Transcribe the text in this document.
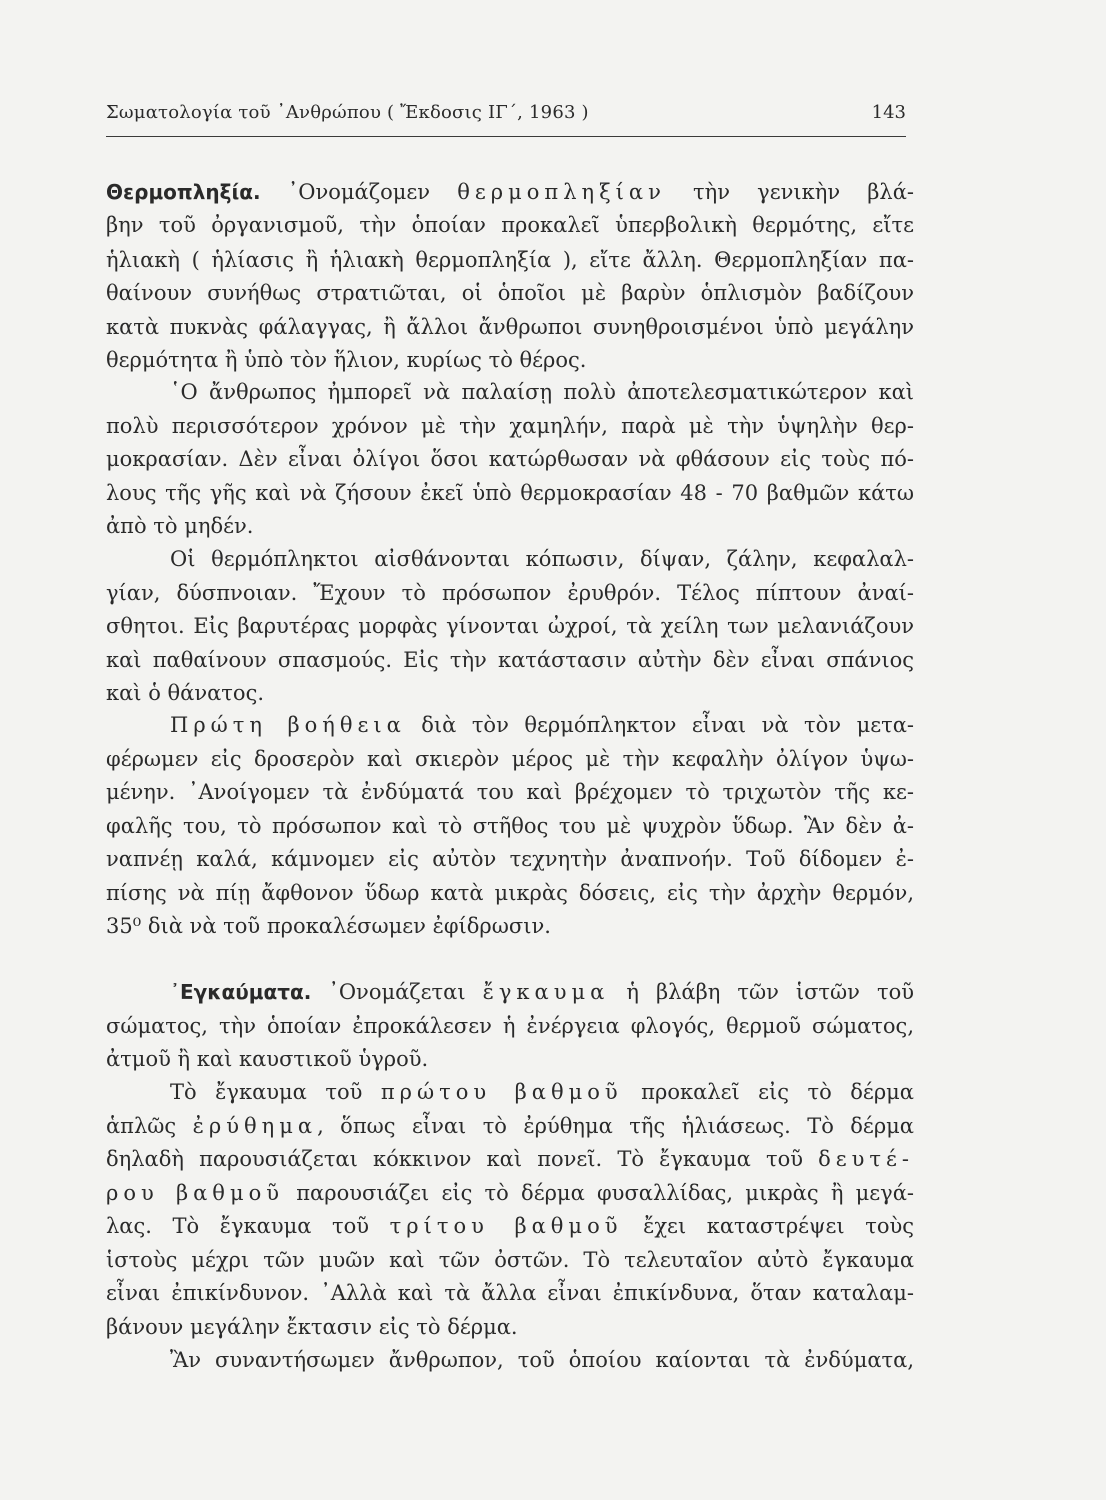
Σωματολογία τοῦ ᾿Ανθρώπου ( Ἔκδοσις ΙΓ΄, 1963 )	143
Θερμοπληξία. ᾿Ονομάζομεν θερμοπληξίαν τὴν γενικὴν βλά-
βην τοῦ ὀργανισμοῦ, τὴν ὁποίαν προκαλεῖ ὑπερβολικὴ θερμότης, εἴτε
ἡλιακὴ ( ἡλίασις ἢ ἡλιακὴ θερμοπληξία ), εἴτε ἄλλη. Θερμοπληξίαν πα-
θαίνουν συνήθως στρατιῶται, οἱ ὁποῖοι μὲ βαρὺν ὁπλισμὸν βαδίζουν
κατὰ πυκνὰς φάλαγγας, ἢ ἄλλοι ἄνθρωποι συνηθροισμένοι ὑπὸ μεγάλην
θερμότητα ἢ ὑπὸ τὸν ἥλιον, κυρίως τὸ θέρος.
῾Ο ἄνθρωπος ἠμπορεῖ νὰ παλαίσῃ πολὺ ἀποτελεσματικώτερον καὶ
πολὺ περισσότερον χρόνον μὲ τὴν χαμηλήν, παρὰ μὲ τὴν ὑψηλὴν θερ-
μοκρασίαν. Δὲν εἶναι ὀλίγοι ὅσοι κατώρθωσαν νὰ φθάσουν εἰς τοὺς πό-
λους τῆς γῆς καὶ νὰ ζήσουν ἐκεῖ ὑπὸ θερμοκρασίαν 48 - 70 βαθμῶν κάτω
ἀπὸ τὸ μηδέν.
Οἱ θερμόπληκτοι αἰσθάνονται κόπωσιν, δίψαν, ζάλην, κεφαλαλ-
γίαν, δύσπνοιαν. Ἔχουν τὸ πρόσωπον ἐρυθρόν. Τέλος πίπτουν ἀναί-
σθητοι. Εἰς βαρυτέρας μορφὰς γίνονται ὠχροί, τὰ χείλη των μελανιάζουν
καὶ παθαίνουν σπασμούς. Εἰς τὴν κατάστασιν αὐτὴν δὲν εἶναι σπάνιος
καὶ ὁ θάνατος.
Πρώτη βοήθεια διὰ τὸν θερμόπληκτον εἶναι νὰ τὸν μετα-
φέρωμεν εἰς δροσερὸν καὶ σκιερὸν μέρος μὲ τὴν κεφαλὴν ὀλίγον ὑψω-
μένην. ᾿Ανοίγομεν τὰ ἐνδύματά του καὶ βρέχομεν τὸ τριχωτὸν τῆς κε-
φαλῆς του, τὸ πρόσωπον καὶ τὸ στῆθος του μὲ ψυχρὸν ὕδωρ. Ἂν δὲν ἀ-
ναπνέῃ καλά, κάμνομεν εἰς αὐτὸν τεχνητὴν ἀναπνοήν. Τοῦ δίδομεν ἐ-
πίσης νὰ πίῃ ἄφθονον ὕδωρ κατὰ μικρὰς δόσεις, εἰς τὴν ἀρχὴν θερμόν,
35⁰ διὰ νὰ τοῦ προκαλέσωμεν ἐφίδρωσιν.
᾿Εγκαύματα. ᾿Ονομάζεται ἔγκαυμα ἡ βλάβη τῶν ἱστῶν τοῦ
σώματος, τὴν ὁποίαν ἐπροκάλεσεν ἡ ἐνέργεια φλογός, θερμοῦ σώματος,
ἀτμοῦ ἢ καὶ καυστικοῦ ὑγροῦ.
Τὸ ἔγκαυμα τοῦ πρώτου βαθμοῦ προκαλεῖ εἰς τὸ δέρμα
ἁπλῶς ἐρύθημα, ὅπως εἶναι τὸ ἐρύθημα τῆς ἡλιάσεως. Τὸ δέρμα
δηλαδὴ παρουσιάζεται κόκκινον καὶ πονεῖ. Τὸ ἔγκαυμα τοῦ δευτέ-
ρου βαθμοῦ παρουσιάζει εἰς τὸ δέρμα φυσαλλίδας, μικρὰς ἢ μεγά-
λας. Τὸ ἔγκαυμα τοῦ τρίτου βαθμοῦ ἔχει καταστρέψει τοὺς
ἱστοὺς μέχρι τῶν μυῶν καὶ τῶν ὀστῶν. Τὸ τελευταῖον αὐτὸ ἔγκαυμα
εἶναι ἐπικίνδυνον. ᾿Αλλὰ καὶ τὰ ἄλλα εἶναι ἐπικίνδυνα, ὅταν καταλαμ-
βάνουν μεγάλην ἔκτασιν εἰς τὸ δέρμα.
Ἂν συναντήσωμεν ἄνθρωπον, τοῦ ὁποίου καίονται τὰ ἐνδύματα,
